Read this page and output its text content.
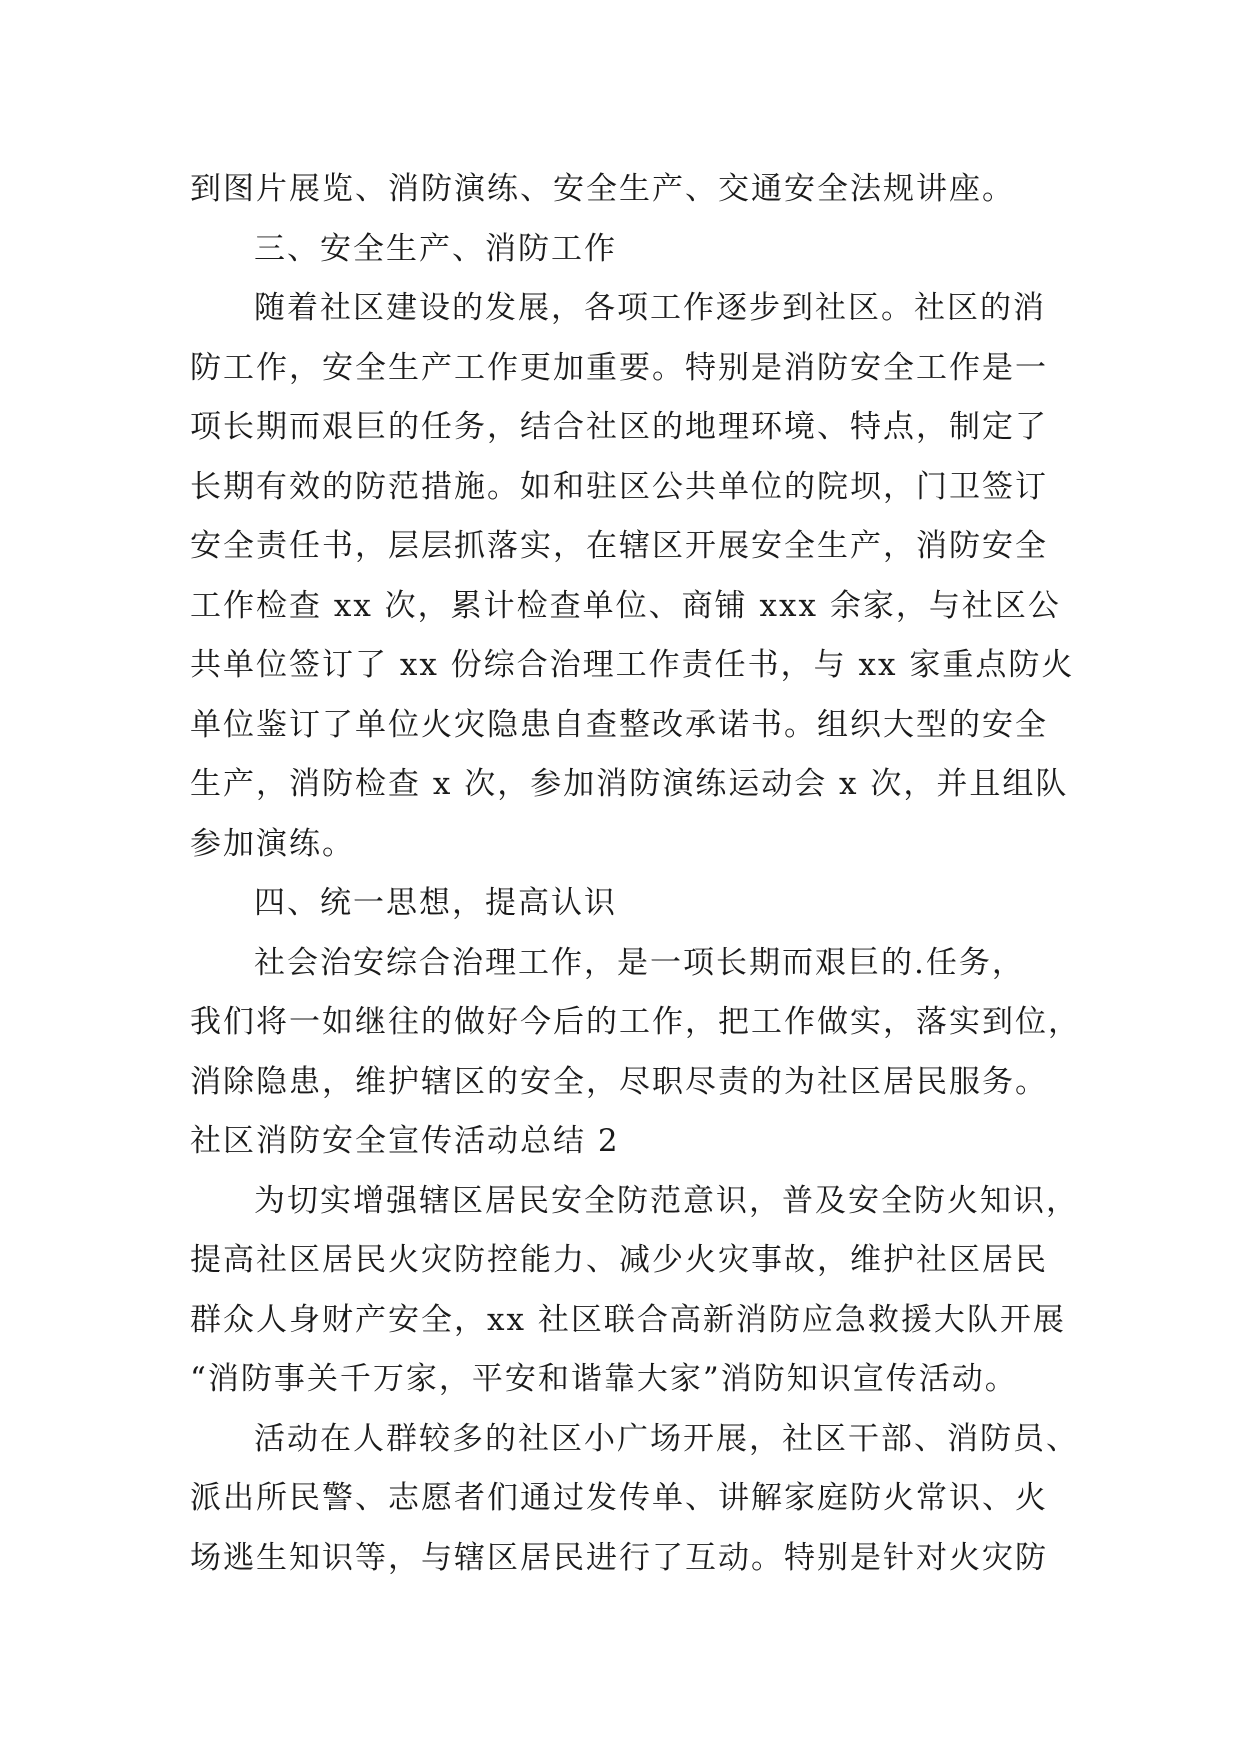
到图片展览、消防演练、安全生产、交通安全法规讲座。
三、安全生产、消防工作
随着社区建设的发展，各项工作逐步到社区。社区的消
防工作，安全生产工作更加重要。特别是消防安全工作是一
项长期而艰巨的任务，结合社区的地理环境、特点，制定了
长期有效的防范措施。如和驻区公共单位的院坝，门卫签订
安全责任书，层层抓落实，在辖区开展安全生产，消防安全
工作检查 xx 次，累计检查单位、商铺 xxx 余家，与社区公
共单位签订了 xx 份综合治理工作责任书，与 xx 家重点防火
单位鉴订了单位火灾隐患自查整改承诺书。组织大型的安全
生产，消防检查 x 次，参加消防演练运动会 x 次，并且组队
参加演练。
四、统一思想，提高认识
社会治安综合治理工作，是一项长期而艰巨的.任务，
我们将一如继往的做好今后的工作，把工作做实，落实到位，
消除隐患，维护辖区的安全，尽职尽责的为社区居民服务。
社区消防安全宣传活动总结 2
为切实增强辖区居民安全防范意识，普及安全防火知识，
提高社区居民火灾防控能力、减少火灾事故，维护社区居民
群众人身财产安全，xx 社区联合高新消防应急救援大队开展
“消防事关千万家，平安和谐靠大家”消防知识宣传活动。
活动在人群较多的社区小广场开展，社区干部、消防员、
派出所民警、志愿者们通过发传单、讲解家庭防火常识、火
场逃生知识等，与辖区居民进行了互动。特别是针对火灾防
